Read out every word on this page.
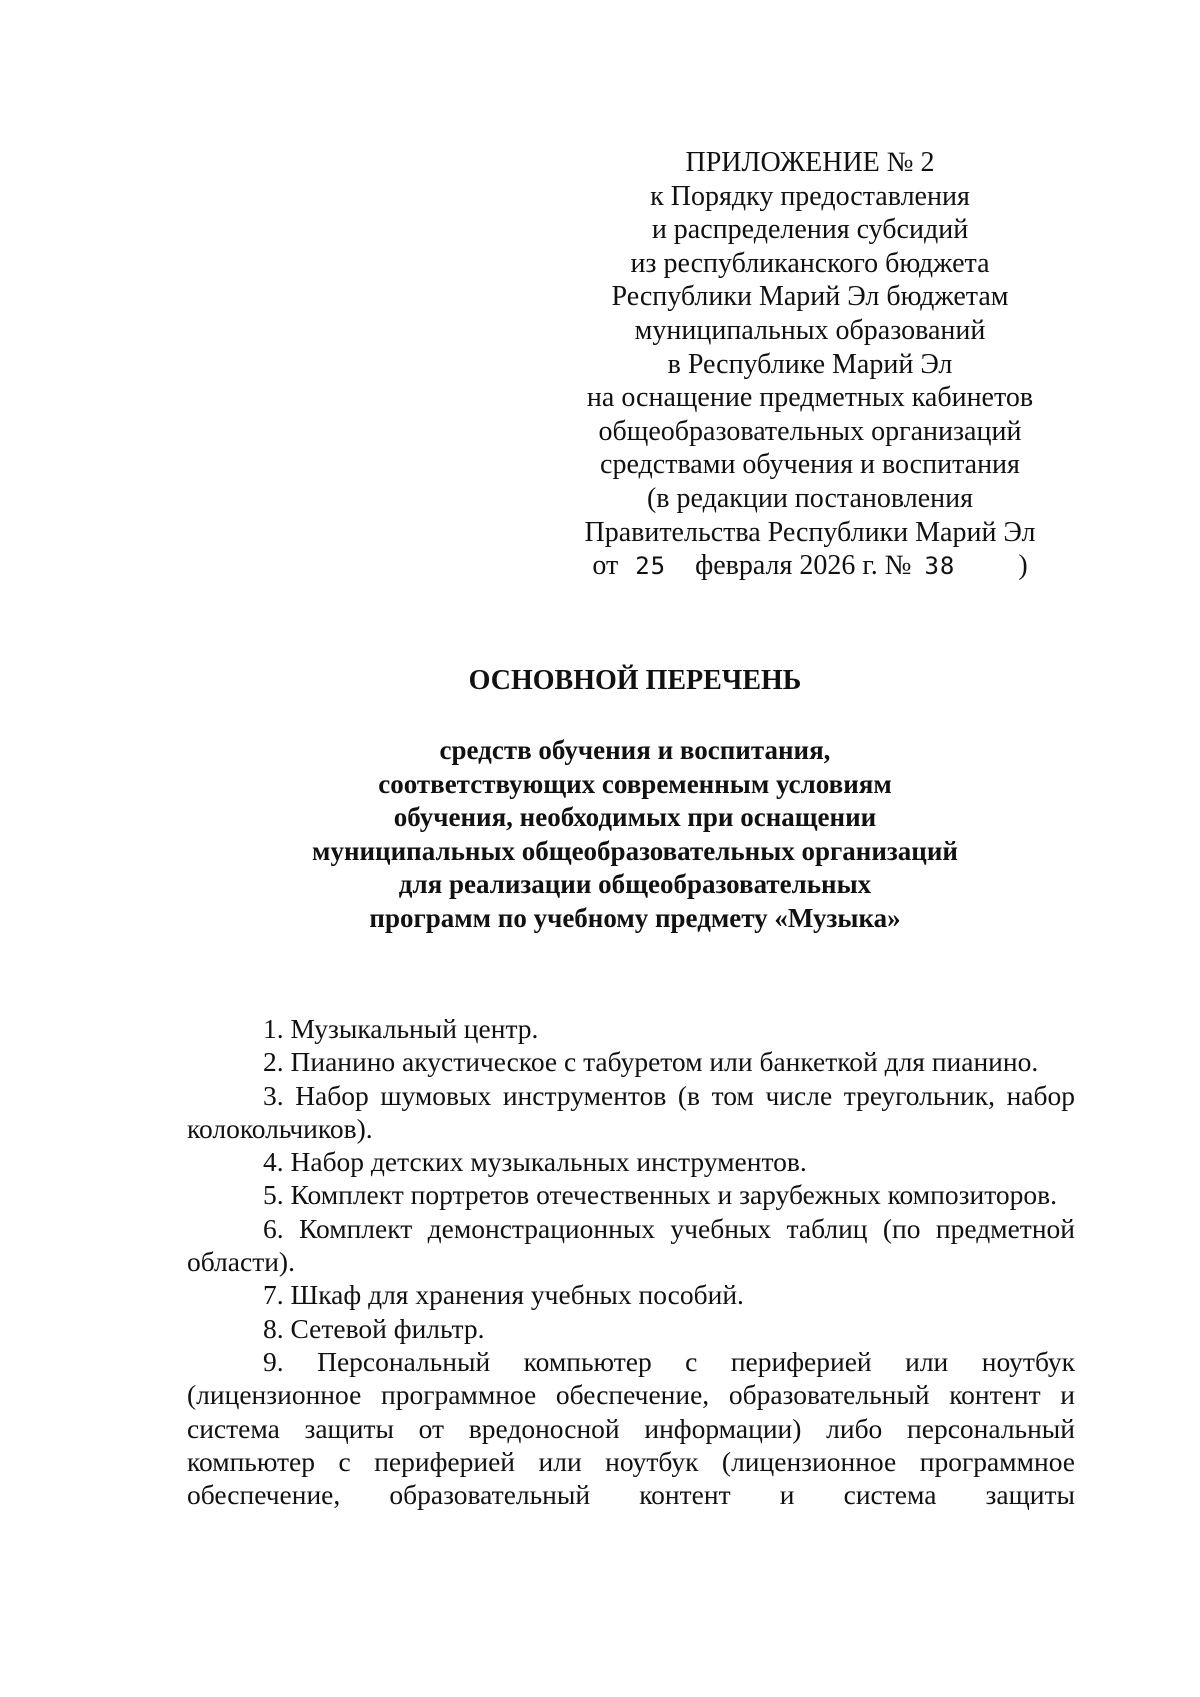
ПРИЛОЖЕНИЕ № 2
к Порядку предоставления
и распределения субсидий
из республиканского бюджета
Республики Марий Эл бюджетам
муниципальных образований
в Республике Марий Эл
на оснащение предметных кабинетов
общеобразовательных организаций
средствами обучения и воспитания
(в редакции постановления
Правительства Республики Марий Эл
от 25 февраля 2026 г. № 38 )
ОСНОВНОЙ ПЕРЕЧЕНЬ
средств обучения и воспитания,
соответствующих современным условиям
обучения, необходимых при оснащении
муниципальных общеобразовательных организаций
для реализации общеобразовательных
программ по учебному предмету «Музыка»

1. Музыкальный центр.

2. Пианино акустическое с табуретом или банкеткой для пианино.

3. Набор шумовых инструментов (в том числе треугольник, набор колокольчиков).

4. Набор детских музыкальных инструментов.

5. Комплект портретов отечественных и зарубежных композиторов.

6. Комплект демонстрационных учебных таблиц (по предметной области).

7. Шкаф для хранения учебных пособий.

8. Сетевой фильтр.

9. Персональный компьютер с периферией или ноутбук (лицензионное программное обеспечение, образовательный контент и система защиты от вредоносной информации) либо персональный компьютер с периферией или ноутбук (лицензионное программное обеспечение, образовательный контент и система защиты
